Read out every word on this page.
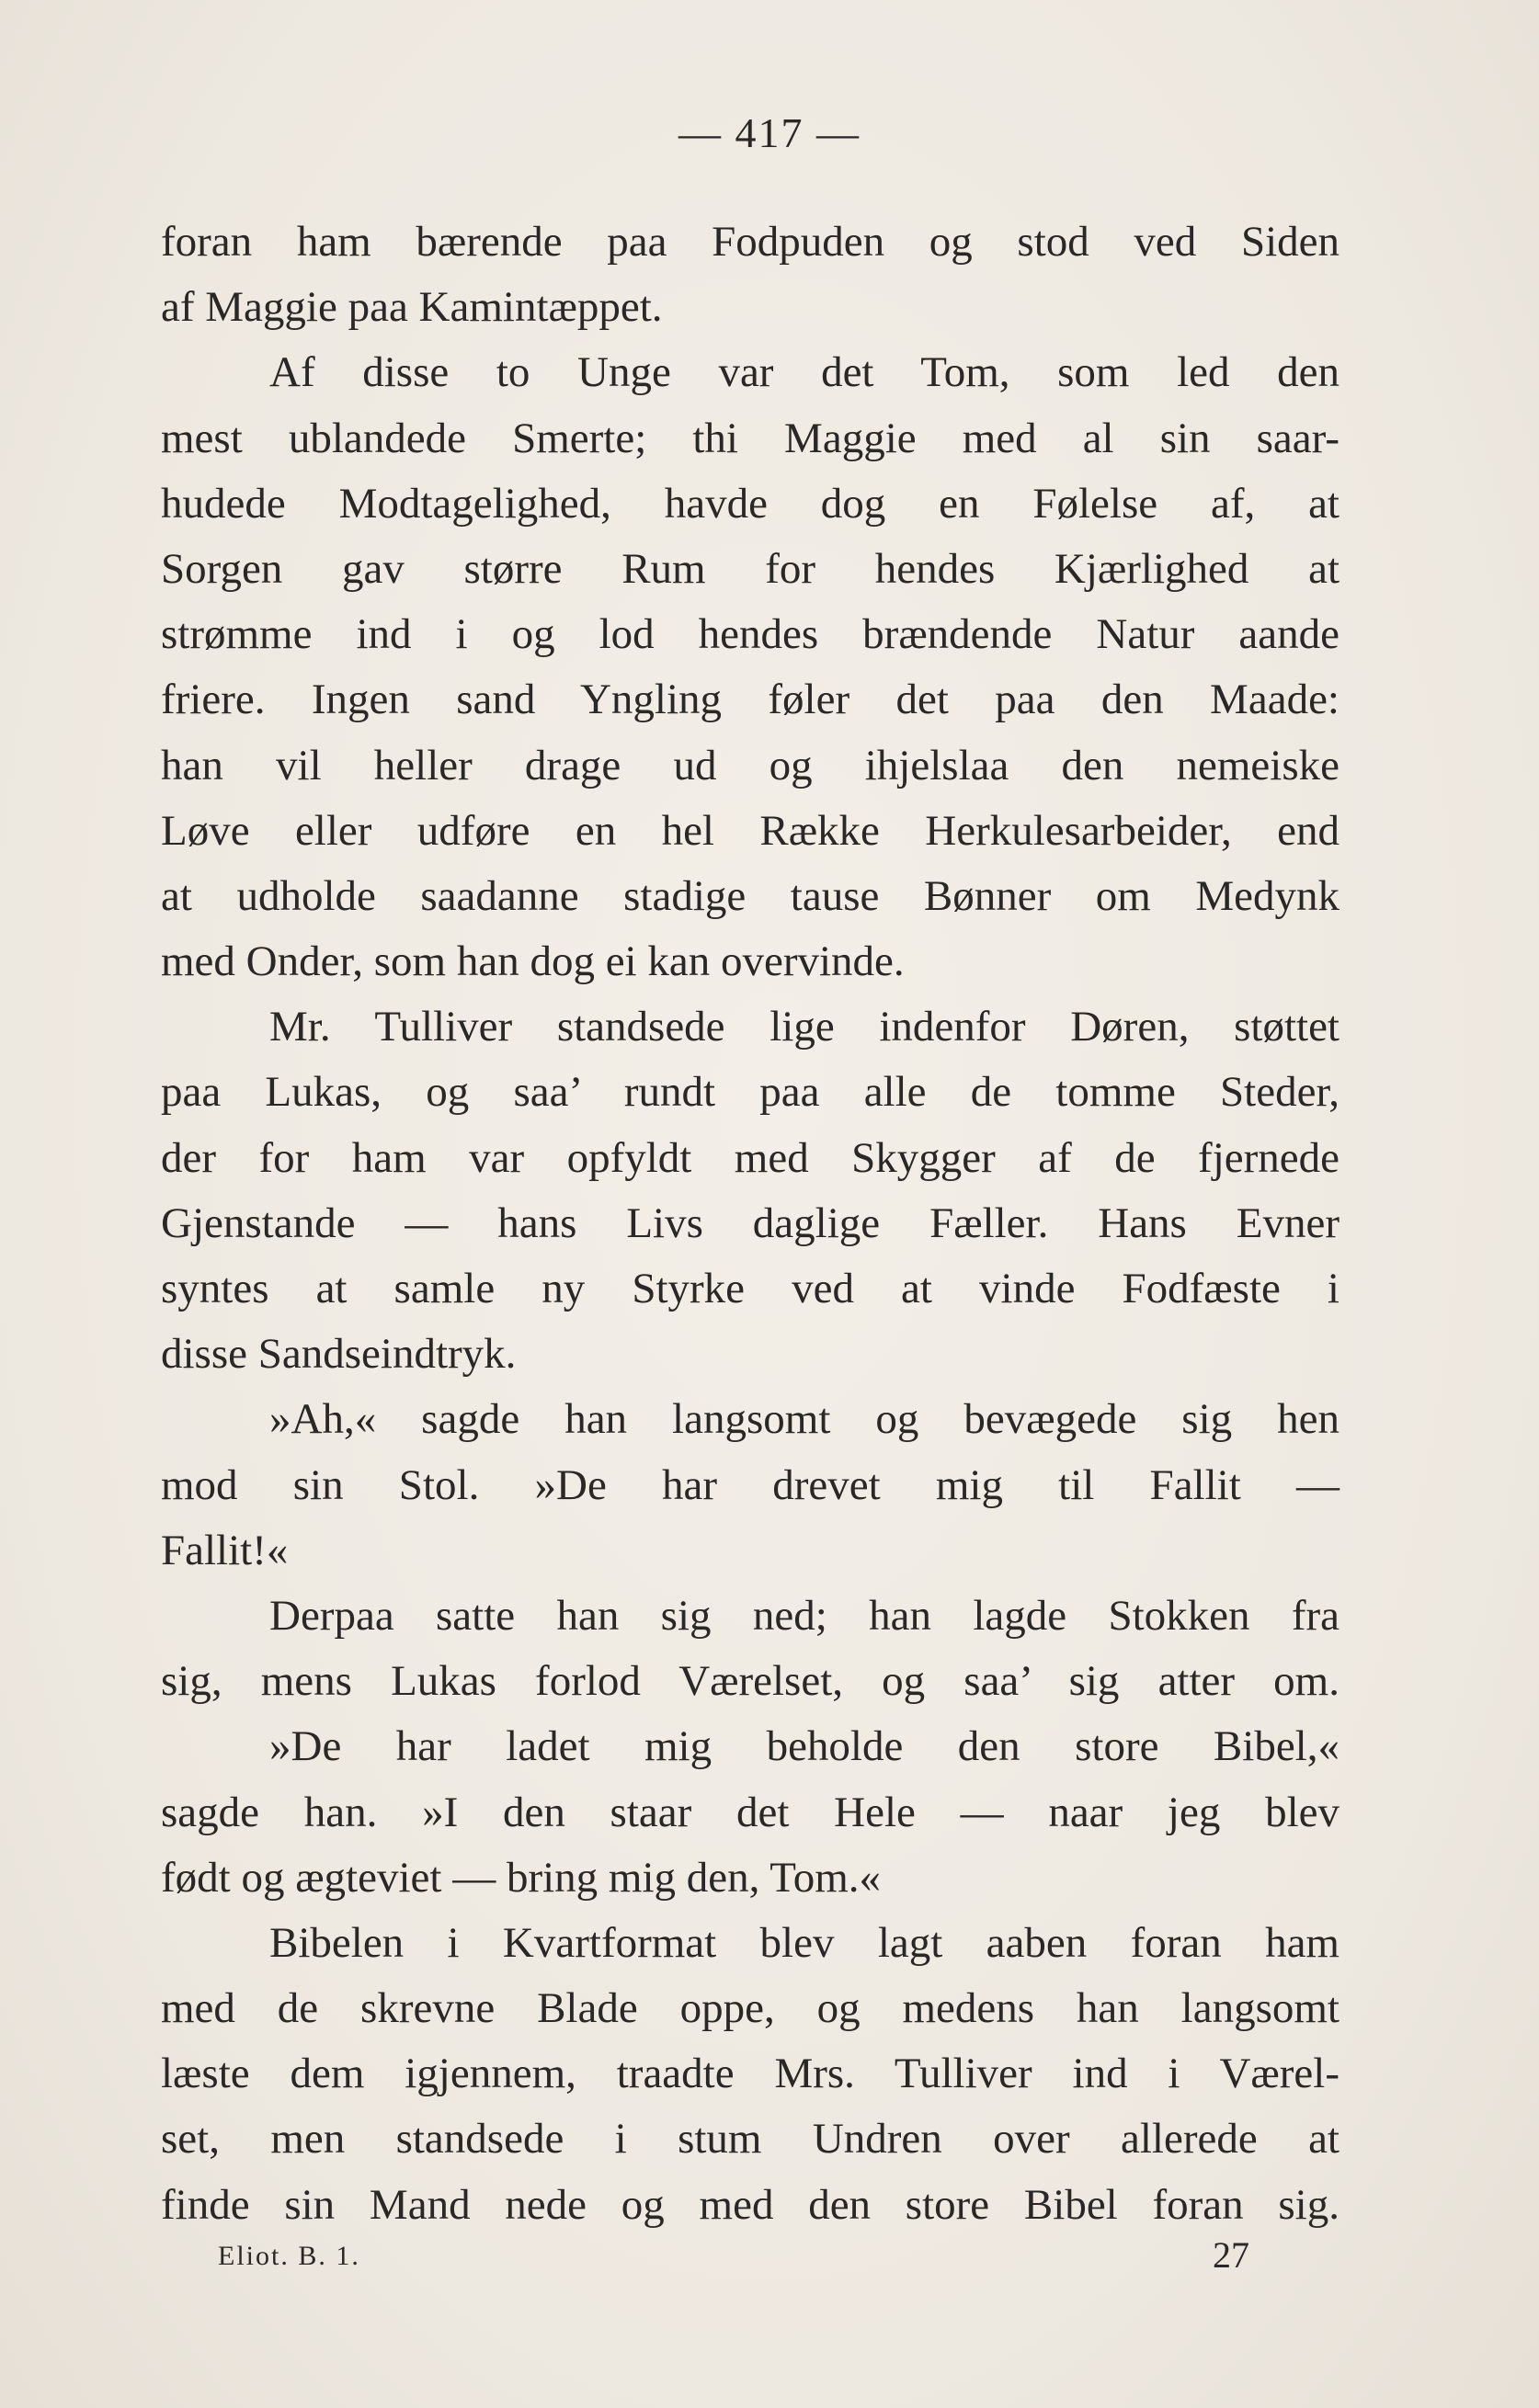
— 417 —
foran ham bærende paa Fodpuden og stod ved Siden
af Maggie paa Kamintæppet.
Af disse to Unge var det Tom, som led den
mest ublandede Smerte; thi Maggie med al sin saar-
hudede Modtagelighed, havde dog en Følelse af, at
Sorgen gav større Rum for hendes Kjærlighed at
strømme ind i og lod hendes brændende Natur aande
friere. Ingen sand Yngling føler det paa den Maade:
han vil heller drage ud og ihjelslaa den nemeiske
Løve eller udføre en hel Række Herkulesarbeider, end
at udholde saadanne stadige tause Bønner om Medynk
med Onder, som han dog ei kan overvinde.
Mr. Tulliver standsede lige indenfor Døren, støttet
paa Lukas, og saa’ rundt paa alle de tomme Steder,
der for ham var opfyldt med Skygger af de fjernede
Gjenstande — hans Livs daglige Fæller. Hans Evner
syntes at samle ny Styrke ved at vinde Fodfæste i
disse Sandseindtryk.
»Ah,« sagde han langsomt og bevægede sig hen
mod sin Stol. »De har drevet mig til Fallit —
Fallit!«
Derpaa satte han sig ned; han lagde Stokken fra
sig, mens Lukas forlod Værelset, og saa’ sig atter om.
»De har ladet mig beholde den store Bibel,«
sagde han. »I den staar det Hele — naar jeg blev
født og ægteviet — bring mig den, Tom.«
Bibelen i Kvartformat blev lagt aaben foran ham
med de skrevne Blade oppe, og medens han langsomt
læste dem igjennem, traadte Mrs. Tulliver ind i Værel-
set, men standsede i stum Undren over allerede at
finde sin Mand nede og med den store Bibel foran sig.
Eliot. B. 1.	27
